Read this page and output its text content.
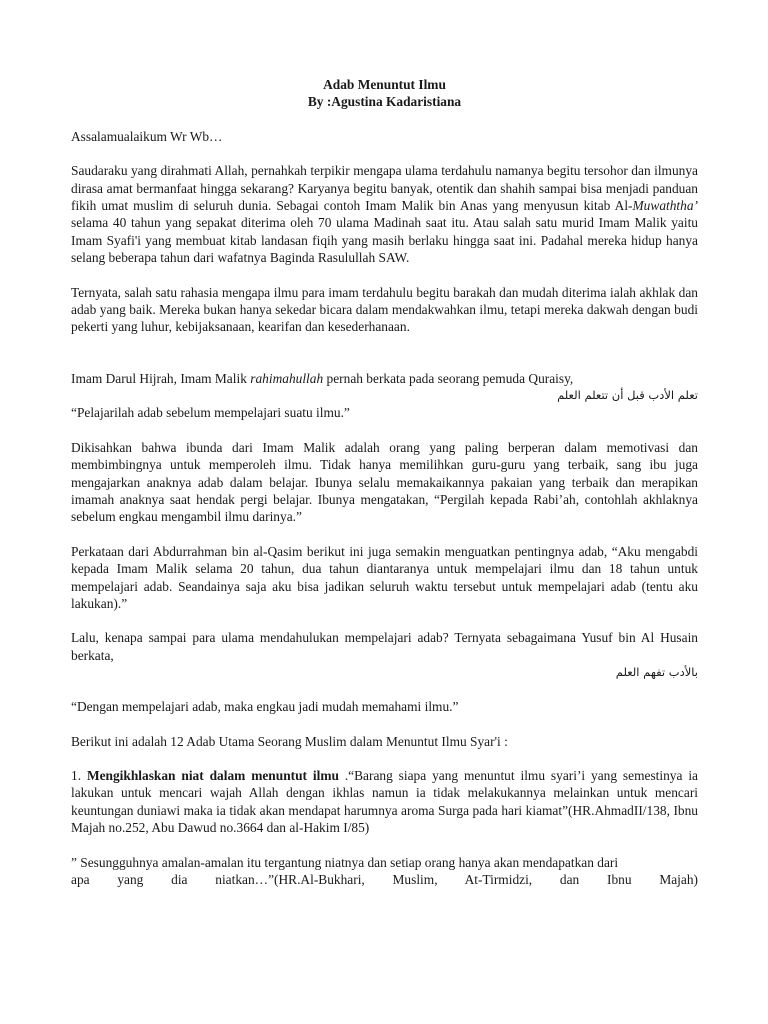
Adab Menuntut Ilmu

By :Agustina Kadaristiana

Assalamualaikum Wr Wb…

Saudaraku yang dirahmati Allah, pernahkah terpikir mengapa ulama terdahulu namanya begitu tersohor dan ilmunya dirasa amat bermanfaat hingga sekarang? Karyanya begitu banyak, otentik dan shahih sampai bisa menjadi panduan fikih umat muslim di seluruh dunia. Sebagai contoh Imam Malik bin Anas yang menyusun kitab Al-Muwaththa’ selama 40 tahun yang sepakat diterima oleh 70 ulama Madinah saat itu. Atau salah satu murid Imam Malik yaitu Imam Syafi'i yang membuat kitab landasan fiqih yang masih berlaku hingga saat ini. Padahal mereka hidup hanya selang beberapa tahun dari wafatnya Baginda Rasulullah SAW.

Ternyata, salah satu rahasia mengapa ilmu para imam terdahulu begitu barakah dan mudah diterima ialah akhlak dan adab yang baik. Mereka bukan hanya sekedar bicara dalam mendakwahkan ilmu, tetapi mereka dakwah dengan budi pekerti yang luhur, kebijaksanaan, kearifan dan kesederhanaan.

Imam Darul Hijrah, Imam Malik rahimahullah pernah berkata pada seorang pemuda Quraisy,

تعلم الأدب قبل أن تتعلم العلم

“Pelajarilah adab sebelum mempelajari suatu ilmu.”

Dikisahkan bahwa ibunda dari Imam Malik adalah orang yang paling berperan dalam memotivasi dan membimbingnya untuk memperoleh ilmu. Tidak hanya memilihkan guru-guru yang terbaik, sang ibu juga mengajarkan anaknya adab dalam belajar. Ibunya selalu memakaikannya pakaian yang terbaik dan merapikan imamah anaknya saat hendak pergi belajar. Ibunya mengatakan, “Pergilah kepada Rabi’ah, contohlah akhlaknya sebelum engkau mengambil ilmu darinya.”

Perkataan dari Abdurrahman bin al-Qasim berikut ini juga semakin menguatkan pentingnya adab, “Aku mengabdi kepada Imam Malik selama 20 tahun, dua tahun diantaranya untuk mempelajari ilmu dan 18 tahun untuk mempelajari adab. Seandainya saja aku bisa jadikan seluruh waktu tersebut untuk mempelajari adab (tentu aku lakukan).”

Lalu, kenapa sampai para ulama mendahulukan mempelajari adab? Ternyata sebagaimana Yusuf bin Al Husain berkata,

بالأدب تفهم العلم

“Dengan mempelajari adab, maka engkau jadi mudah memahami ilmu.”

Berikut ini adalah 12 Adab Utama Seorang Muslim dalam Menuntut Ilmu Syar'i :

1. Mengikhlaskan niat dalam menuntut ilmu .“Barang siapa yang menuntut ilmu syari’i yang semestinya ia lakukan untuk mencari wajah Allah dengan ikhlas namun ia tidak melakukannya melainkan untuk mencari keuntungan duniawi maka ia tidak akan mendapat harumnya aroma Surga pada hari kiamat”(HR.AhmadII/138, Ibnu Majah no.252, Abu Dawud no.3664 dan al-Hakim I/85)

” Sesungguhnya amalan-amalan itu tergantung niatnya dan setiap orang hanya akan mendapatkan dari
apa yang dia niatkan…”(HR.Al-Bukhari, Muslim, At-Tirmidzi, dan Ibnu Majah)
